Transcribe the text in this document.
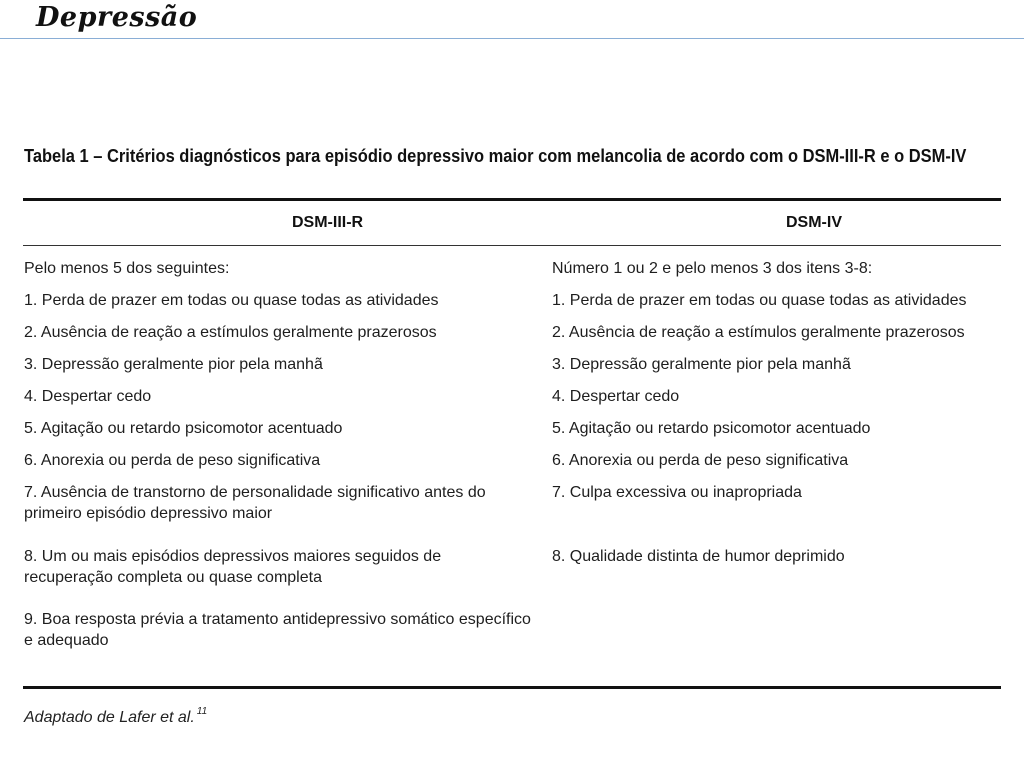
Depressão
Tabela 1 – Critérios diagnósticos para episódio depressivo maior com melancolia de acordo com o DSM-III-R e o DSM-IV
DSM-III-R	DSM-IV

Pelo menos 5 dos seguintes:

1. Perda de prazer em todas ou quase todas as atividades

2. Ausência de reação a estímulos geralmente prazerosos

3. Depressão geralmente pior pela manhã

4. Despertar cedo

5. Agitação ou retardo psicomotor acentuado

6. Anorexia ou perda de peso significativa

7. Ausência de transtorno de personalidade significativo antes do primeiro episódio depressivo maior

8. Um ou mais episódios depressivos maiores seguidos de recuperação completa ou quase completa

9. Boa resposta prévia a tratamento antidepressivo somático específico e adequado

Número 1 ou 2 e pelo menos 3 dos itens 3-8:

1. Perda de prazer em todas ou quase todas as atividades

2. Ausência de reação a estímulos geralmente prazerosos

3. Depressão geralmente pior pela manhã

4. Despertar cedo

5. Agitação ou retardo psicomotor acentuado

6. Anorexia ou perda de peso significativa

7. Culpa excessiva ou inapropriada

8. Qualidade distinta de humor deprimido

Adaptado de Lafer et al. $^{11}$
